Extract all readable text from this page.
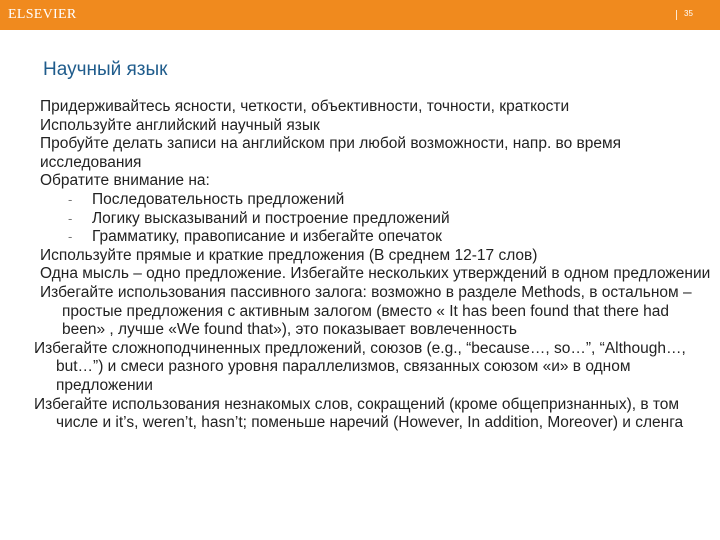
ELSEVIER	35
Научный язык

Придерживайтесь ясности, четкости, объективности, точности, краткости

Используйте английский научный язык

Пробуйте делать записи на английском при любой возможности, напр. во время исследования

Обратите внимание на:

- Последовательность предложений

- Логику высказываний и построение предложений

- Грамматику, правописание и избегайте опечаток

Используйте прямые и краткие предложения (В среднем 12-17 слов)

Одна мысль – одно предложение. Избегайте нескольких утверждений в одном предложении

Избегайте использования пассивного залога: возможно в разделе Methods, в остальном – простые предложения с активным залогом (вместо « It has been found that there had been» , лучше «We found that»), это показывает вовлеченность

Избегайте сложноподчиненных предложений, союзов (e.g., “because…, so…”, “Although…, but…”) и смеси разного уровня параллелизмов, связанных союзом «и» в одном предложении

Избегайте использования незнакомых слов, сокращений (кроме общепризнанных), в том числе и it’s, weren’t, hasn’t; поменьше наречий (However, In addition, Moreover) и сленга
